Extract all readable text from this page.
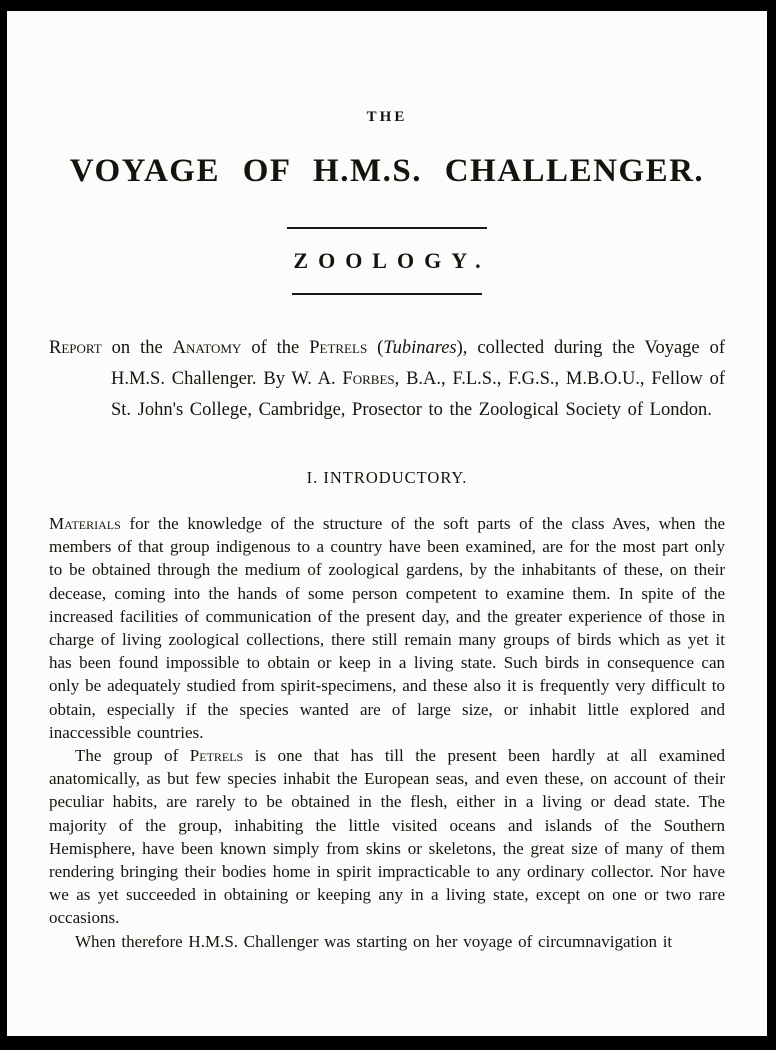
THE

VOYAGE OF H.M.S. CHALLENGER.
ZOOLOGY.

Report on the Anatomy of the Petrels (Tubinares), collected during the Voyage of H.M.S. Challenger. By W. A. Forbes, B.A., F.L.S., F.G.S., M.B.O.U., Fellow of St. John's College, Cambridge, Prosector to the Zoological Society of London.

I. INTRODUCTORY.

Materials for the knowledge of the structure of the soft parts of the class Aves, when the members of that group indigenous to a country have been examined, are for the most part only to be obtained through the medium of zoological gardens, by the inhabitants of these, on their decease, coming into the hands of some person competent to examine them. In spite of the increased facilities of communication of the present day, and the greater experience of those in charge of living zoological collections, there still remain many groups of birds which as yet it has been found impossible to obtain or keep in a living state. Such birds in consequence can only be adequately studied from spirit-specimens, and these also it is frequently very difficult to obtain, especially if the species wanted are of large size, or inhabit little explored and inaccessible countries.

The group of Petrels is one that has till the present been hardly at all examined anatomically, as but few species inhabit the European seas, and even these, on account of their peculiar habits, are rarely to be obtained in the flesh, either in a living or dead state. The majority of the group, inhabiting the little visited oceans and islands of the Southern Hemisphere, have been known simply from skins or skeletons, the great size of many of them rendering bringing their bodies home in spirit impracticable to any ordinary collector. Nor have we as yet succeeded in obtaining or keeping any in a living state, except on one or two rare occasions.

When therefore H.M.S. Challenger was starting on her voyage of circumnavigation it
